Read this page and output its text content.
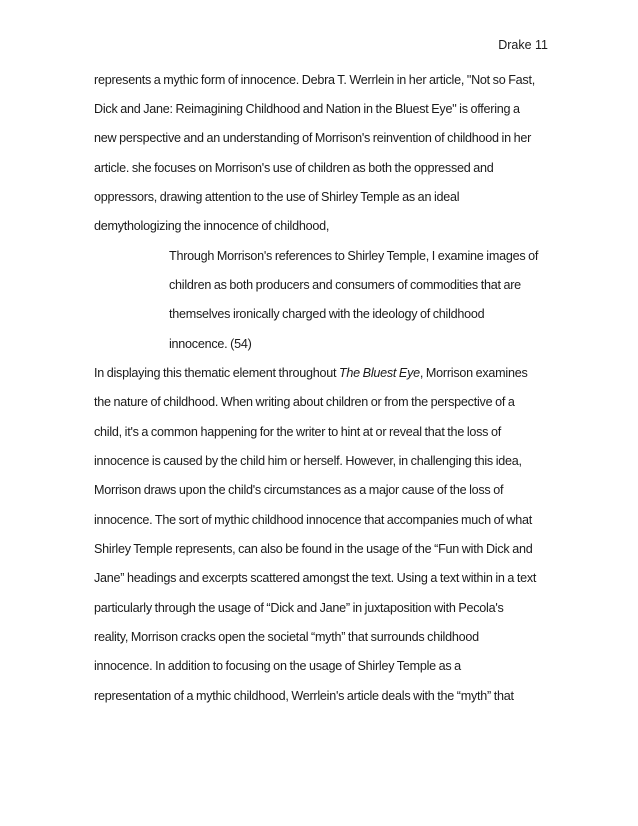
Drake 11
represents a mythic form of innocence. Debra T. Werrlein in her article, "Not so Fast,
Dick and Jane: Reimagining Childhood and Nation in the Bluest Eye" is offering a
new perspective and an understanding of Morrison's reinvention of childhood in her
article. she focuses on Morrison's use of children as both the oppressed and
oppressors, drawing attention to the use of Shirley Temple as an ideal
demythologizing the innocence of childhood,
Through Morrison's references to Shirley Temple, I examine images of
children as both producers and consumers of commodities that are
themselves ironically charged with the ideology of childhood
innocence. (54)
In displaying this thematic element throughout The Bluest Eye, Morrison examines
the nature of childhood. When writing about children or from the perspective of a
child, it's a common happening for the writer to hint at or reveal that the loss of
innocence is caused by the child him or herself. However, in challenging this idea,
Morrison draws upon the child's circumstances as a major cause of the loss of
innocence. The sort of mythic childhood innocence that accompanies much of what
Shirley Temple represents, can also be found in the usage of the “Fun with Dick and
Jane” headings and excerpts scattered amongst the text. Using a text within in a text
particularly through the usage of “Dick and Jane” in juxtaposition with Pecola's
reality, Morrison cracks open the societal “myth” that surrounds childhood
innocence. In addition to focusing on the usage of Shirley Temple as a
representation of a mythic childhood, Werrlein's article deals with the “myth” that
